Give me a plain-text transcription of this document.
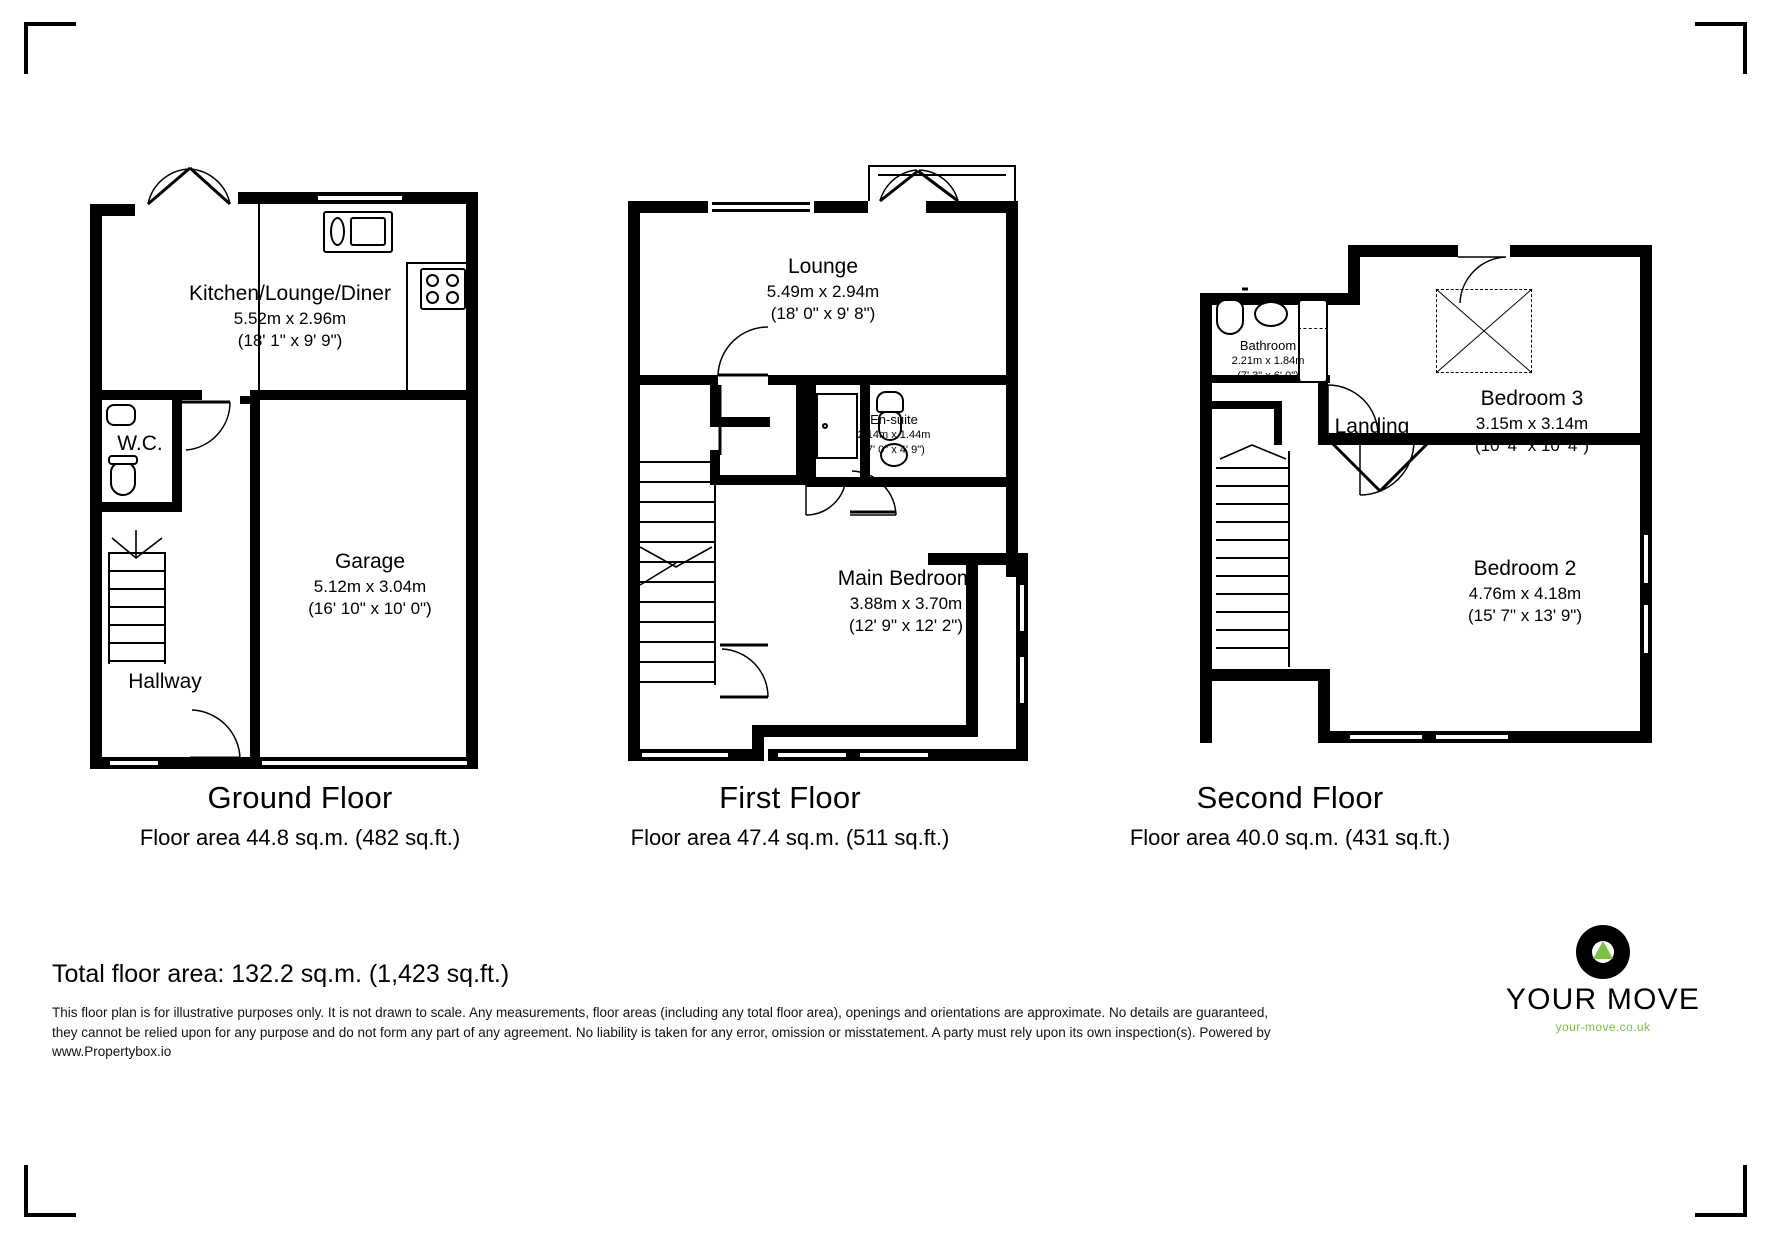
Kitchen/Lounge/Diner
5.52m x 2.96m
(18' 1" x 9' 9")
W.C.
Hallway
Garage
5.12m x 3.04m
(16' 10" x 10' 0")
Ground Floor
Floor area 44.8 sq.m. (482 sq.ft.)
Lounge
5.49m x 2.94m
(18' 0" x 9' 8")
En-suite
2.14m x 1.44m
(7' 0" x 4' 9")
Main Bedroom
3.88m x 3.70m
(12' 9" x 12' 2")
First Floor
Floor area 47.4 sq.m. (511 sq.ft.)
Bathroom
2.21m x 1.84m
(7' 3" x 6' 0")
Bedroom 3
3.15m x 3.14m
(10' 4" x 10' 4")
Landing
Bedroom 2
4.76m x 4.18m
(15' 7" x 13' 9")
Second Floor
Floor area 40.0 sq.m. (431 sq.ft.)
Total floor area: 132.2 sq.m. (1,423 sq.ft.)
This floor plan is for illustrative purposes only. It is not drawn to scale. Any measurements, floor areas (including any total floor area), openings and orientations are approximate. No details are guaranteed, they cannot be relied upon for any purpose and do not form any part of any agreement. No liability is taken for any error, omission or misstatement. A party must rely upon its own inspection(s). Powered by www.Propertybox.io
YOUR MOVE
your-move.co.uk
